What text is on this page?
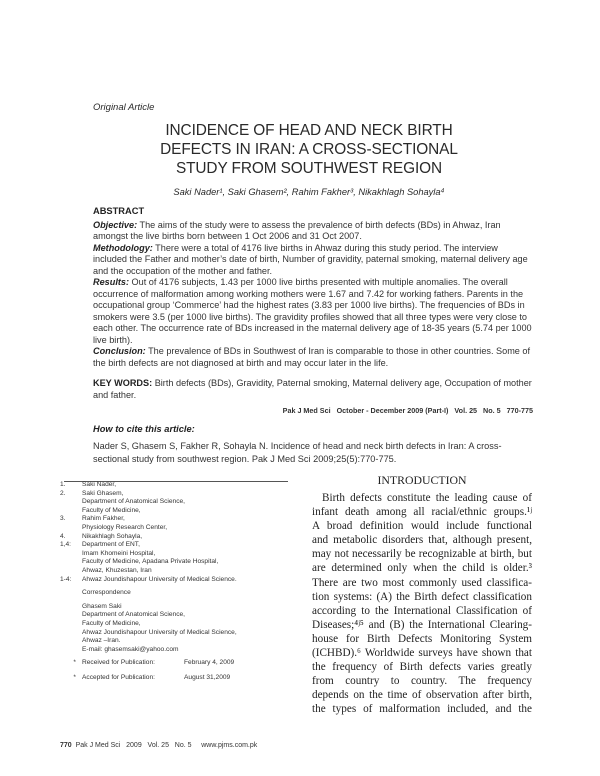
Original Article
INCIDENCE OF HEAD AND NECK BIRTH
DEFECTS IN IRAN: A CROSS-SECTIONAL
STUDY FROM SOUTHWEST REGION
Saki Nader¹, Saki Ghasem², Rahim Fakher³, Nikakhlagh Sohayla⁴
ABSTRACT

Objective: The aims of the study were to assess the prevalence of birth defects (BDs) in Ahwaz, Iran amongst the live births born between 1 Oct 2006 and 31 Oct 2007.

Methodology: There were a total of 4176 live births in Ahwaz during this study period. The interview included the Father and mother’s date of birth, Number of gravidity, paternal smoking, maternal delivery age and the occupation of the mother and father.

Results: Out of 4176 subjects, 1.43 per 1000 live births presented with multiple anomalies. The overall occurrence of malformation among working mothers were 1.67 and 7.42 for working fathers. Parents in the occupational group ‘Commerce’ had the highest rates (3.83 per 1000 live births). The frequencies of BDs in smokers were 3.5 (per 1000 live births). The gravidity profiles showed that all three types were very close to each other. The occurrence rate of BDs increased in the maternal delivery age of 18-35 years (5.74 per 1000 live birth).

Conclusion: The prevalence of BDs in Southwest of Iran is comparable to those in other countries. Some of the birth defects are not diagnosed at birth and may occur later in the life.

KEY WORDS: Birth defects (BDs), Gravidity, Paternal smoking, Maternal delivery age, Occupation of mother and father.
Pak J Med Sci   October - December 2009 (Part-I)   Vol. 25   No. 5   770-775
How to cite this article:
Nader S, Ghasem S, Fakher R, Sohayla N. Incidence of head and neck birth defects in Iran: A cross-sectional study from southwest region. Pak J Med Sci 2009;25(5):770-775.
1.	Saki Nader,
2.	Saki Ghasem,
Department of Anatomical Science,
Faculty of Medicine,
3.	Rahim Fakher,
Physiology Research Center,
4.	Nikakhlagh Sohayla,
1,4:	Department of ENT,
Imam Khomeini Hospital,
Faculty of Medicine, Apadana Private Hospital,
Ahwaz, Khuzestan, Iran
1-4:	Ahwaz Joundishapour University of Medical Science.
Correspondence
Ghasem Saki
Department of Anatomical Science,
Faculty of Medicine,
Ahwaz Joundishapour University of Medical Science,
Ahwaz –Iran.
E-mail: ghasemsaki@yahoo.com
* Received for Publication:	February 4, 2009
* Accepted for Publication:	August 31,2009
INTRODUCTION
Birth defects constitute the leading cause of
infant death among all racial/ethnic groups.¹ʲ
A broad definition would include functional
and metabolic disorders that, although present,
may not necessarily be recognizable at birth, but
are determined only when the child is older.³
There are two most commonly used classifica-
tion systems: (A) the Birth defect classification
according to the International Classification of
Diseases;⁴ʲ⁵ and (B) the International Clearing-
house for Birth Defects Monitoring System
(ICHBD).⁶ Worldwide surveys have shown that
the frequency of Birth defects varies greatly
from country to country. The frequency
depends on the time of observation after birth,
the types of malformation included, and the
770  Pak J Med Sci   2009   Vol. 25   No. 5     www.pjms.com.pk
